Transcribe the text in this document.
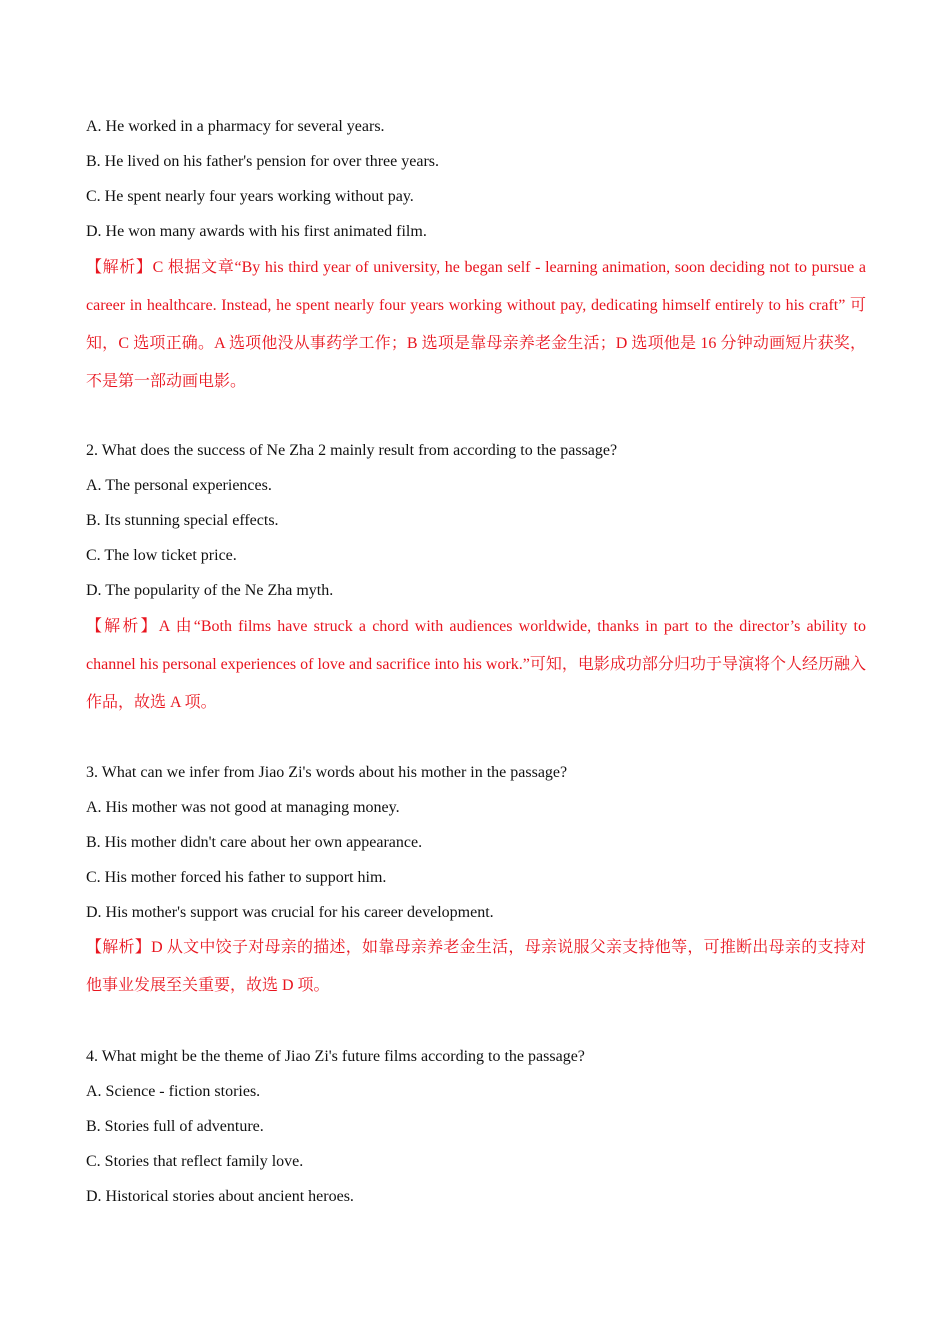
A. He worked in a pharmacy for several years.
B. He lived on his father's pension for over three years.
C. He spent nearly four years working without pay.
D. He won many awards with his first animated film.
【解析】C 根据文章“By his third year of university, he began self - learning animation, soon deciding not to pursue a career in healthcare. Instead, he spent nearly four years working without pay, dedicating himself entirely to his craft” 可知，C 选项正确。A 选项他没从事药学工作；B 选项是靠母亲养老金生活；D 选项他是 16 分钟动画短片获奖，不是第一部动画电影。
2. What does the success of Ne Zha 2 mainly result from according to the passage?
A. The personal experiences.
B. Its stunning special effects.
C. The low ticket price.
D. The popularity of the Ne Zha myth.
【解析】A 由“Both films have struck a chord with audiences worldwide, thanks in part to the director’s ability to channel his personal experiences of love and sacrifice into his work.”可知，电影成功部分归功于导演将个人经历融入作品，故选 A 项。
3. What can we infer from Jiao Zi's words about his mother in the passage?
A. His mother was not good at managing money.
B. His mother didn't care about her own appearance.
C. His mother forced his father to support him.
D. His mother's support was crucial for his career development.
【解析】D 从文中饺子对母亲的描述，如靠母亲养老金生活，母亲说服父亲支持他等，可推断出母亲的支持对他事业发展至关重要，故选 D 项。
4. What might be the theme of Jiao Zi's future films according to the passage?
A. Science - fiction stories.
B. Stories full of adventure.
C. Stories that reflect family love.
D. Historical stories about ancient heroes.
